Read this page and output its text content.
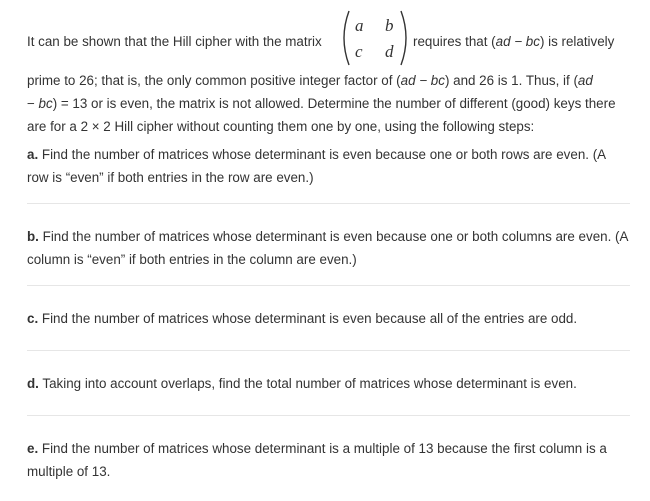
It can be shown that the Hill cipher with the matrix
a b
c d
requires that (ad − bc) is relatively

prime to 26; that is, the only common positive integer factor of (ad − bc) and 26 is 1. Thus, if (ad
− bc) = 13 or is even, the matrix is not allowed. Determine the number of different (good) keys there are for a 2 × 2 Hill cipher without counting them one by one, using the following steps:

a. Find the number of matrices whose determinant is even because one or both rows are even. (A row is “even” if both entries in the row are even.)
b. Find the number of matrices whose determinant is even because one or both columns are even. (A column is “even” if both entries in the column are even.)
c. Find the number of matrices whose determinant is even because all of the entries are odd.
d. Taking into account overlaps, find the total number of matrices whose determinant is even.
e. Find the number of matrices whose determinant is a multiple of 13 because the first column is a multiple of 13.
